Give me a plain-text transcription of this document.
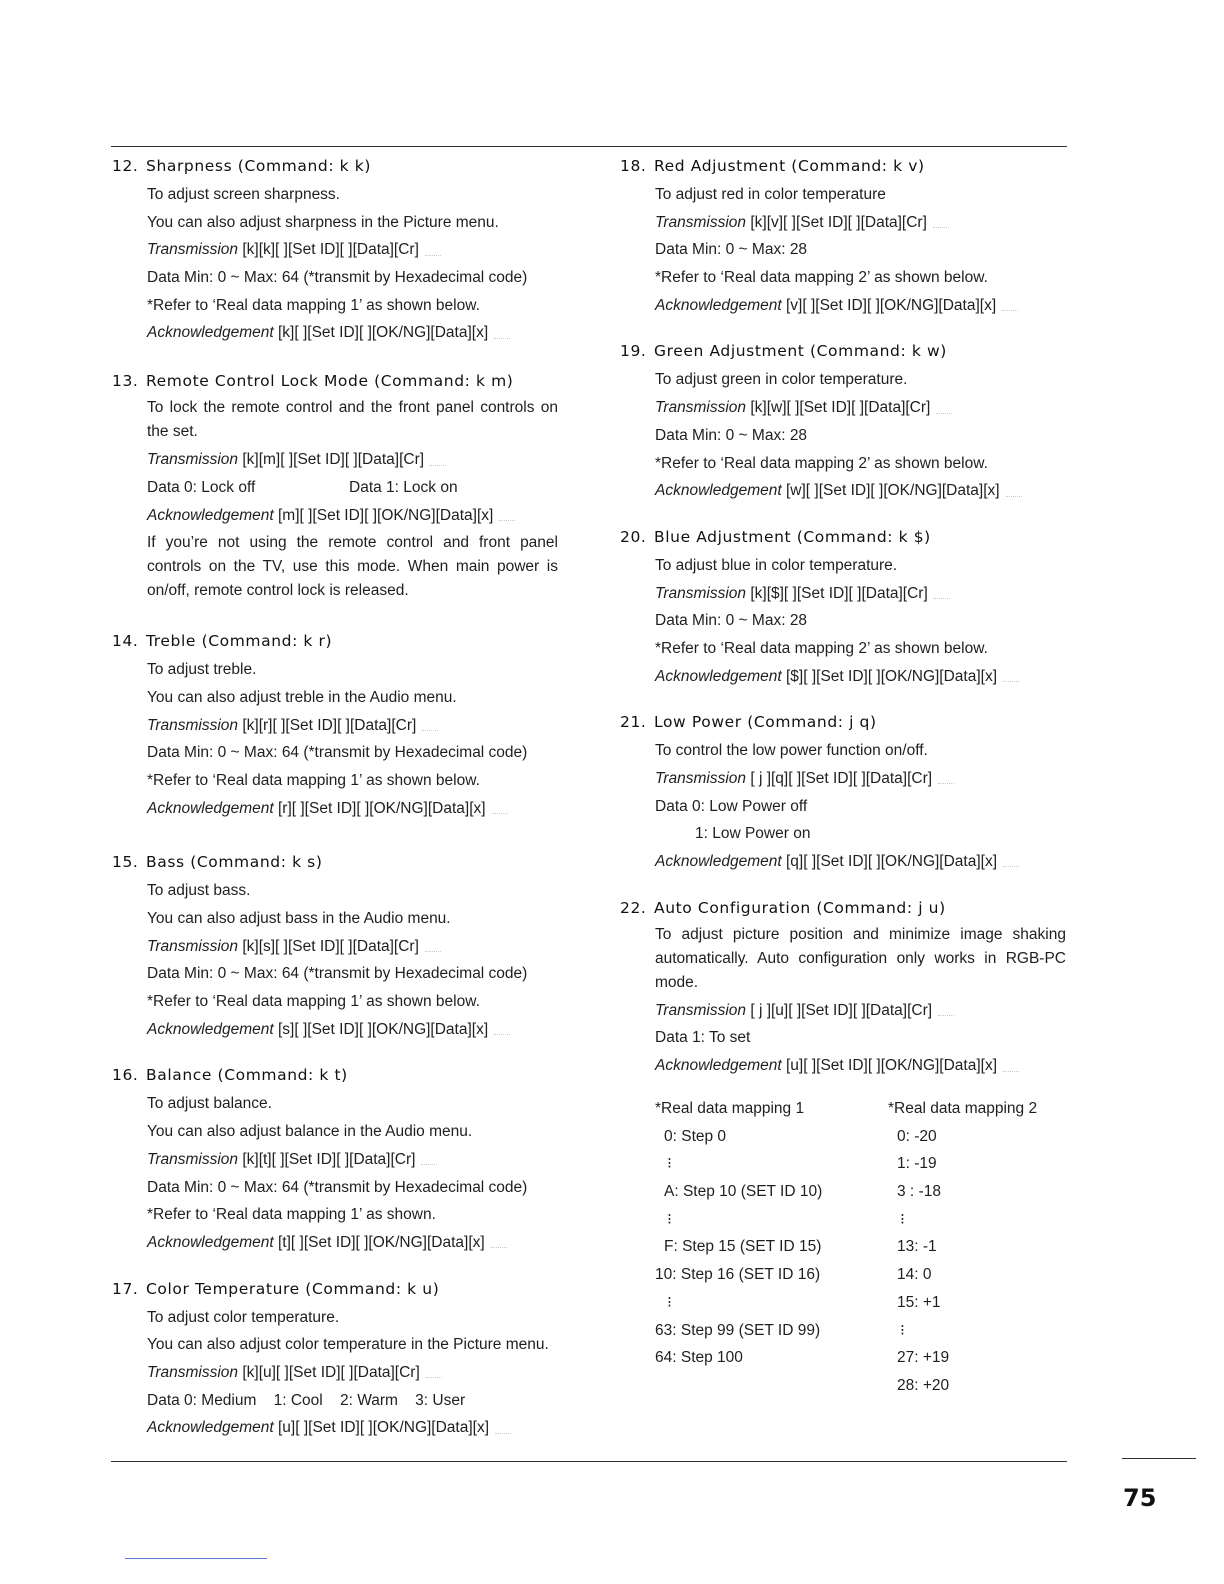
12. Sharpness (Command: k k)
To adjust screen sharpness.
You can also adjust sharpness in the Picture menu.
Transmission [k][k][ ][Set ID][ ][Data][Cr]
Data Min: 0 ~ Max: 64 (*transmit by Hexadecimal code)
*Refer to ‘Real data mapping 1’ as shown below.
Acknowledgement [k][ ][Set ID][ ][OK/NG][Data][x]
13. Remote Control Lock Mode (Command: k m)
To lock the remote control and the front panel controls on the set.
Transmission [k][m][ ][Set ID][ ][Data][Cr]
Data 0: Lock off	Data 1: Lock on
Acknowledgement [m][ ][Set ID][ ][OK/NG][Data][x]
If you’re not using the remote control and front panel controls on the TV, use this mode. When main power is on/off, remote control lock is released.
14. Treble (Command: k r)
To adjust treble.
You can also adjust treble in the Audio menu.
Transmission [k][r][ ][Set ID][ ][Data][Cr]
Data Min: 0 ~ Max: 64 (*transmit by Hexadecimal code)
*Refer to ‘Real data mapping 1’ as shown below.
Acknowledgement [r][ ][Set ID][ ][OK/NG][Data][x]
15. Bass (Command: k s)
To adjust bass.
You can also adjust bass in the Audio menu.
Transmission [k][s][ ][Set ID][ ][Data][Cr]
Data Min: 0 ~ Max: 64 (*transmit by Hexadecimal code)
*Refer to ‘Real data mapping 1’ as shown below.
Acknowledgement [s][ ][Set ID][ ][OK/NG][Data][x]
16. Balance (Command: k t)
To adjust balance.
You can also adjust balance in the Audio menu.
Transmission [k][t][ ][Set ID][ ][Data][Cr]
Data Min: 0 ~ Max: 64 (*transmit by Hexadecimal code)
*Refer to ‘Real data mapping 1’ as shown.
Acknowledgement [t][ ][Set ID][ ][OK/NG][Data][x]
17. Color Temperature (Command: k u)
To adjust color temperature.
You can also adjust color temperature in the Picture menu.
Transmission [k][u][ ][Set ID][ ][Data][Cr]
Data 0: Medium    1: Cool    2: Warm    3: User
Acknowledgement [u][ ][Set ID][ ][OK/NG][Data][x]
18. Red Adjustment (Command: k v)
To adjust red in color temperature
Transmission [k][v][ ][Set ID][ ][Data][Cr]
Data Min: 0 ~ Max: 28
*Refer to ‘Real data mapping 2’ as shown below.
Acknowledgement [v][ ][Set ID][ ][OK/NG][Data][x]
19. Green Adjustment (Command: k w)
To adjust green in color temperature.
Transmission [k][w][ ][Set ID][ ][Data][Cr]
Data Min: 0 ~ Max: 28
*Refer to ‘Real data mapping 2’ as shown below.
Acknowledgement [w][ ][Set ID][ ][OK/NG][Data][x]
20. Blue Adjustment (Command: k $)
To adjust blue in color temperature.
Transmission [k][$][ ][Set ID][ ][Data][Cr]
Data Min: 0 ~ Max: 28
*Refer to ‘Real data mapping 2’ as shown below.
Acknowledgement [$][ ][Set ID][ ][OK/NG][Data][x]
21. Low Power (Command: j q)
To control the low power function on/off.
Transmission [ j ][q][ ][Set ID][ ][Data][Cr]
Data 0: Low Power off
1: Low Power on
Acknowledgement [q][ ][Set ID][ ][OK/NG][Data][x]
22. Auto Configuration (Command: j u)
To adjust picture position and minimize image shaking automatically. Auto configuration only works in RGB-PC mode.
Transmission [ j ][u][ ][Set ID][ ][Data][Cr]
Data 1: To set
Acknowledgement [u][ ][Set ID][ ][OK/NG][Data][x]
*Real data mapping 1
0: Step 0
⁝
A: Step 10 (SET ID 10)
⁝
F: Step 15 (SET ID 15)
10: Step 16 (SET ID 16)
⁝
63: Step 99 (SET ID 99)
64: Step 100
*Real data mapping 2
0: -20
1: -19
3 : -18
⁝
13: -1
14: 0
15: +1
⁝
27: +19
28: +20
75
